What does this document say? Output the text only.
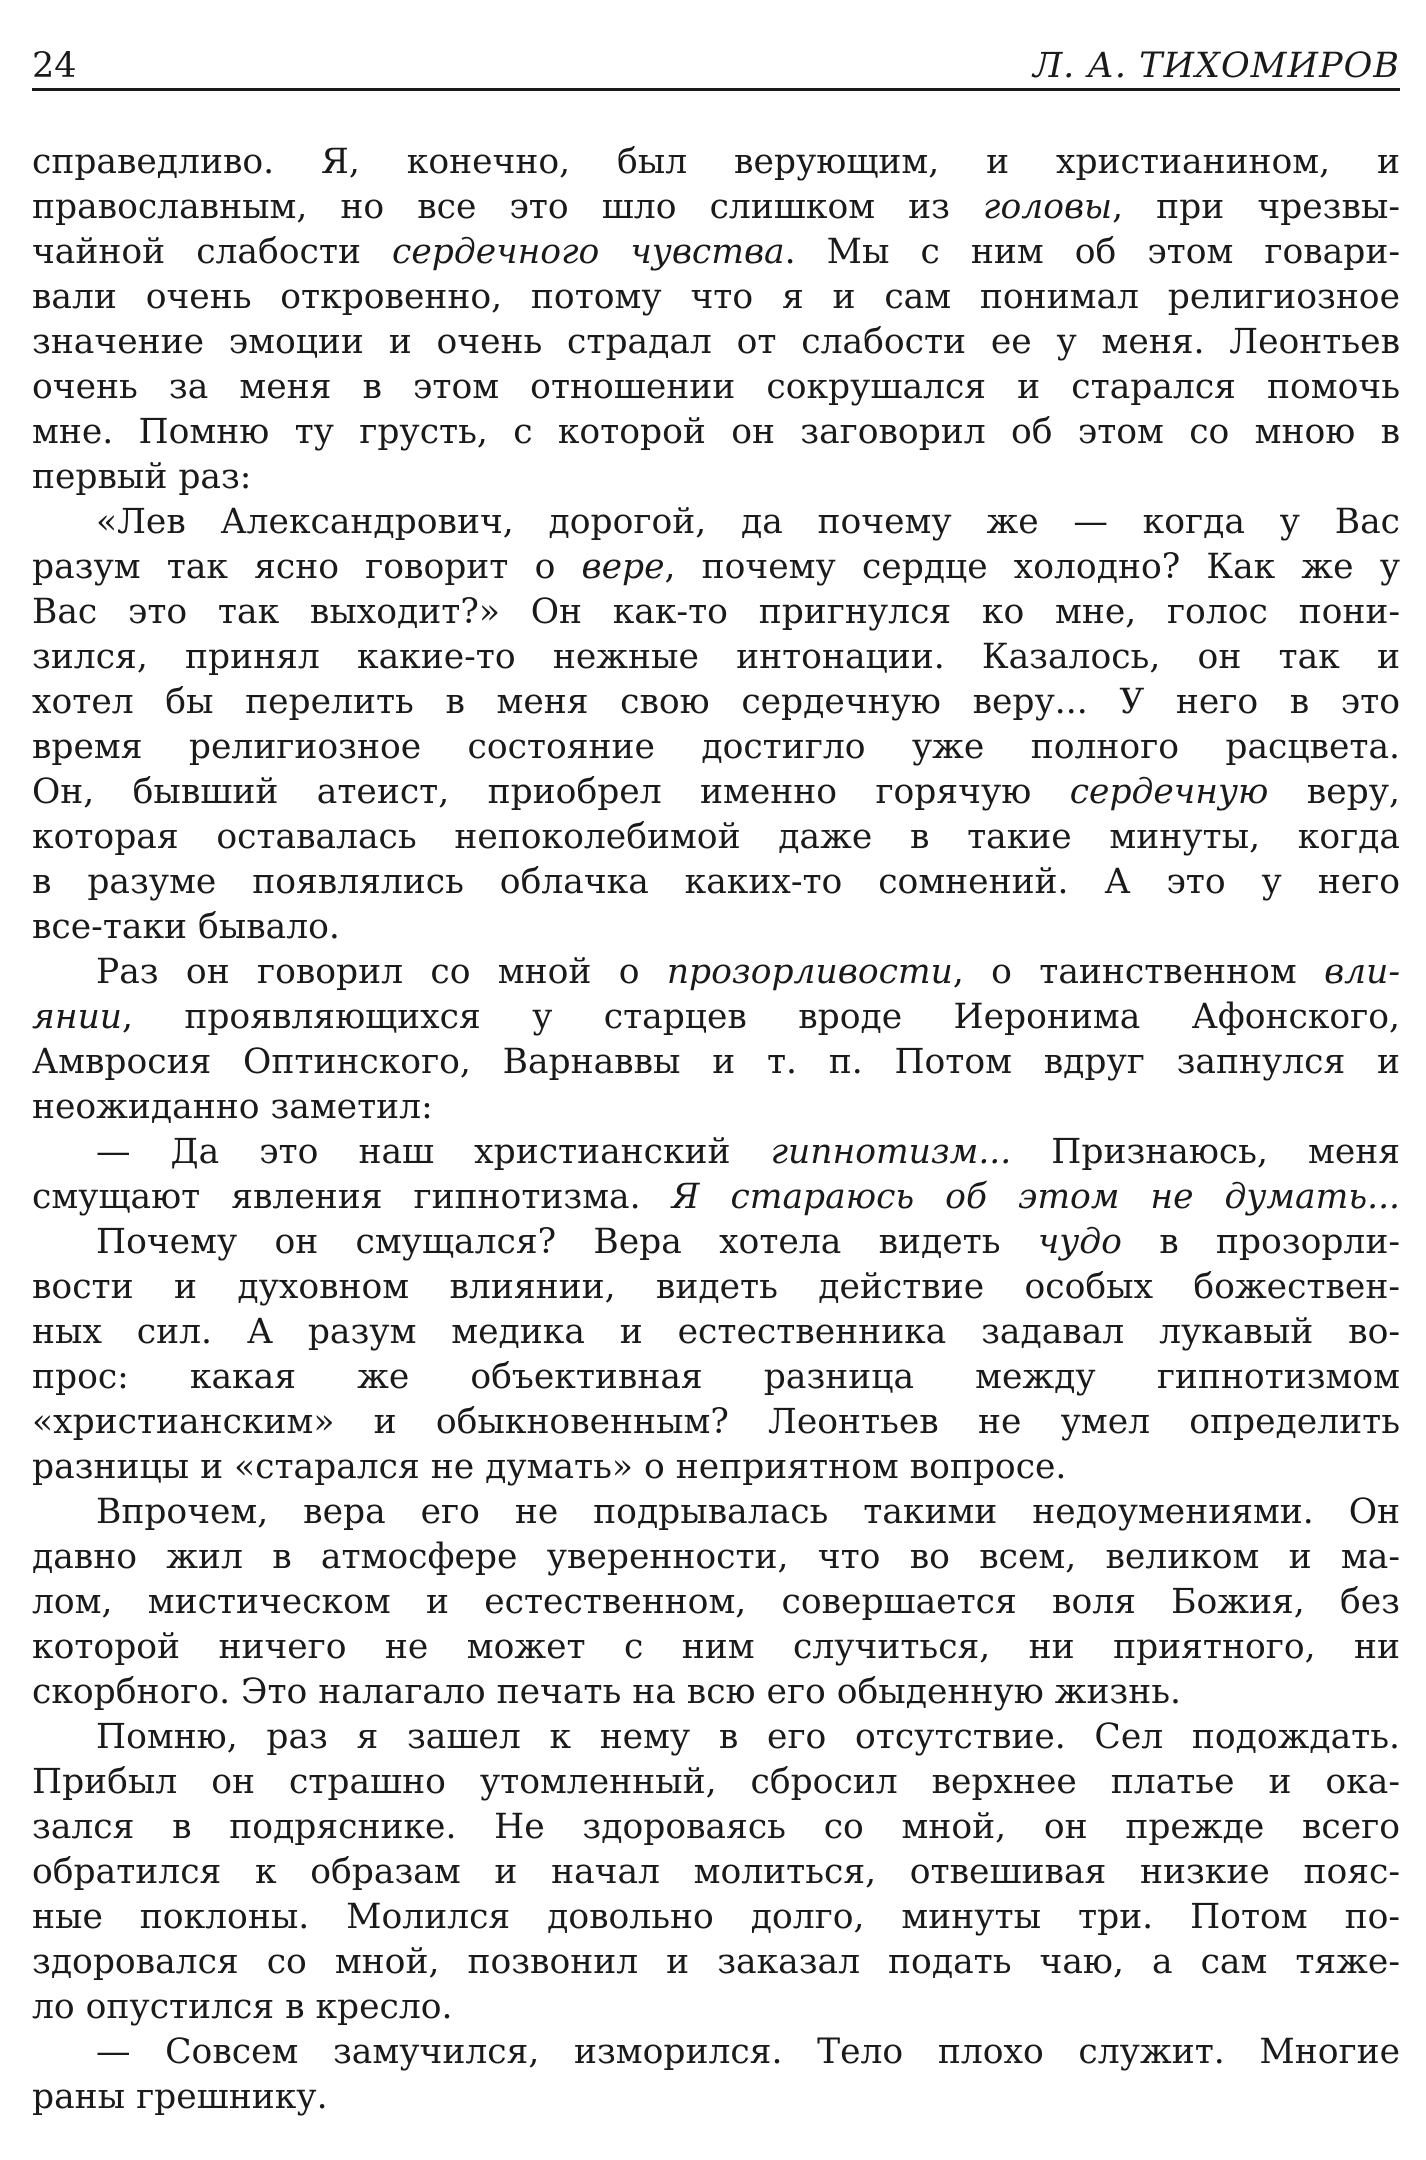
24	Л. А. ТИХОМИРОВ

справедливо. Я, конечно, был верующим, и христианином, и

православным, но все это шло слишком из головы, при чрезвы-

чайной слабости сердечного чувства. Мы с ним об этом говари-

вали очень откровенно, потому что я и сам понимал религиозное

значение эмоции и очень страдал от слабости ее у меня. Леонтьев

очень за меня в этом отношении сокрушался и старался помочь

мне. Помню ту грусть, с которой он заговорил об этом со мною в

первый раз:

«Лев Александрович, дорогой, да почему же — когда у Вас

разум так ясно говорит о вере, почему сердце холодно? Как же у

Вас это так выходит?» Он как-то пригнулся ко мне, голос пони-

зился, принял какие-то нежные интонации. Казалось, он так и

хотел бы перелить в меня свою сердечную веру... У него в это

время религиозное состояние достигло уже полного расцвета.

Он, бывший атеист, приобрел именно горячую сердечную веру,

которая оставалась непоколебимой даже в такие минуты, когда

в разуме появлялись облачка каких-то сомнений. А это у него

все-таки бывало.

Раз он говорил со мной о прозорливости, о таинственном вли-

янии, проявляющихся у старцев вроде Иеронима Афонского,

Амвросия Оптинского, Варнаввы и т. п. Потом вдруг запнулся и

неожиданно заметил:

— Да это наш христианский гипнотизм... Признаюсь, меня

смущают явления гипнотизма. Я стараюсь об этом не думать...

Почему он смущался? Вера хотела видеть чудо в прозорли-

вости и духовном влиянии, видеть действие особых божествен-

ных сил. А разум медика и естественника задавал лукавый во-

прос: какая же объективная разница между гипнотизмом

«христианским» и обыкновенным? Леонтьев не умел определить

разницы и «старался не думать» о неприятном вопросе.

Впрочем, вера его не подрывалась такими недоумениями. Он

давно жил в атмосфере уверенности, что во всем, великом и ма-

лом, мистическом и естественном, совершается воля Божия, без

которой ничего не может с ним случиться, ни приятного, ни

скорбного. Это налагало печать на всю его обыденную жизнь.

Помню, раз я зашел к нему в его отсутствие. Сел подождать.

Прибыл он страшно утомленный, сбросил верхнее платье и ока-

зался в подряснике. Не здороваясь со мной, он прежде всего

обратился к образам и начал молиться, отвешивая низкие пояс-

ные поклоны. Молился довольно долго, минуты три. Потом по-

здоровался со мной, позвонил и заказал подать чаю, а сам тяже-

ло опустился в кресло.

— Совсем замучился, изморился. Тело плохо служит. Многие

раны грешнику.
